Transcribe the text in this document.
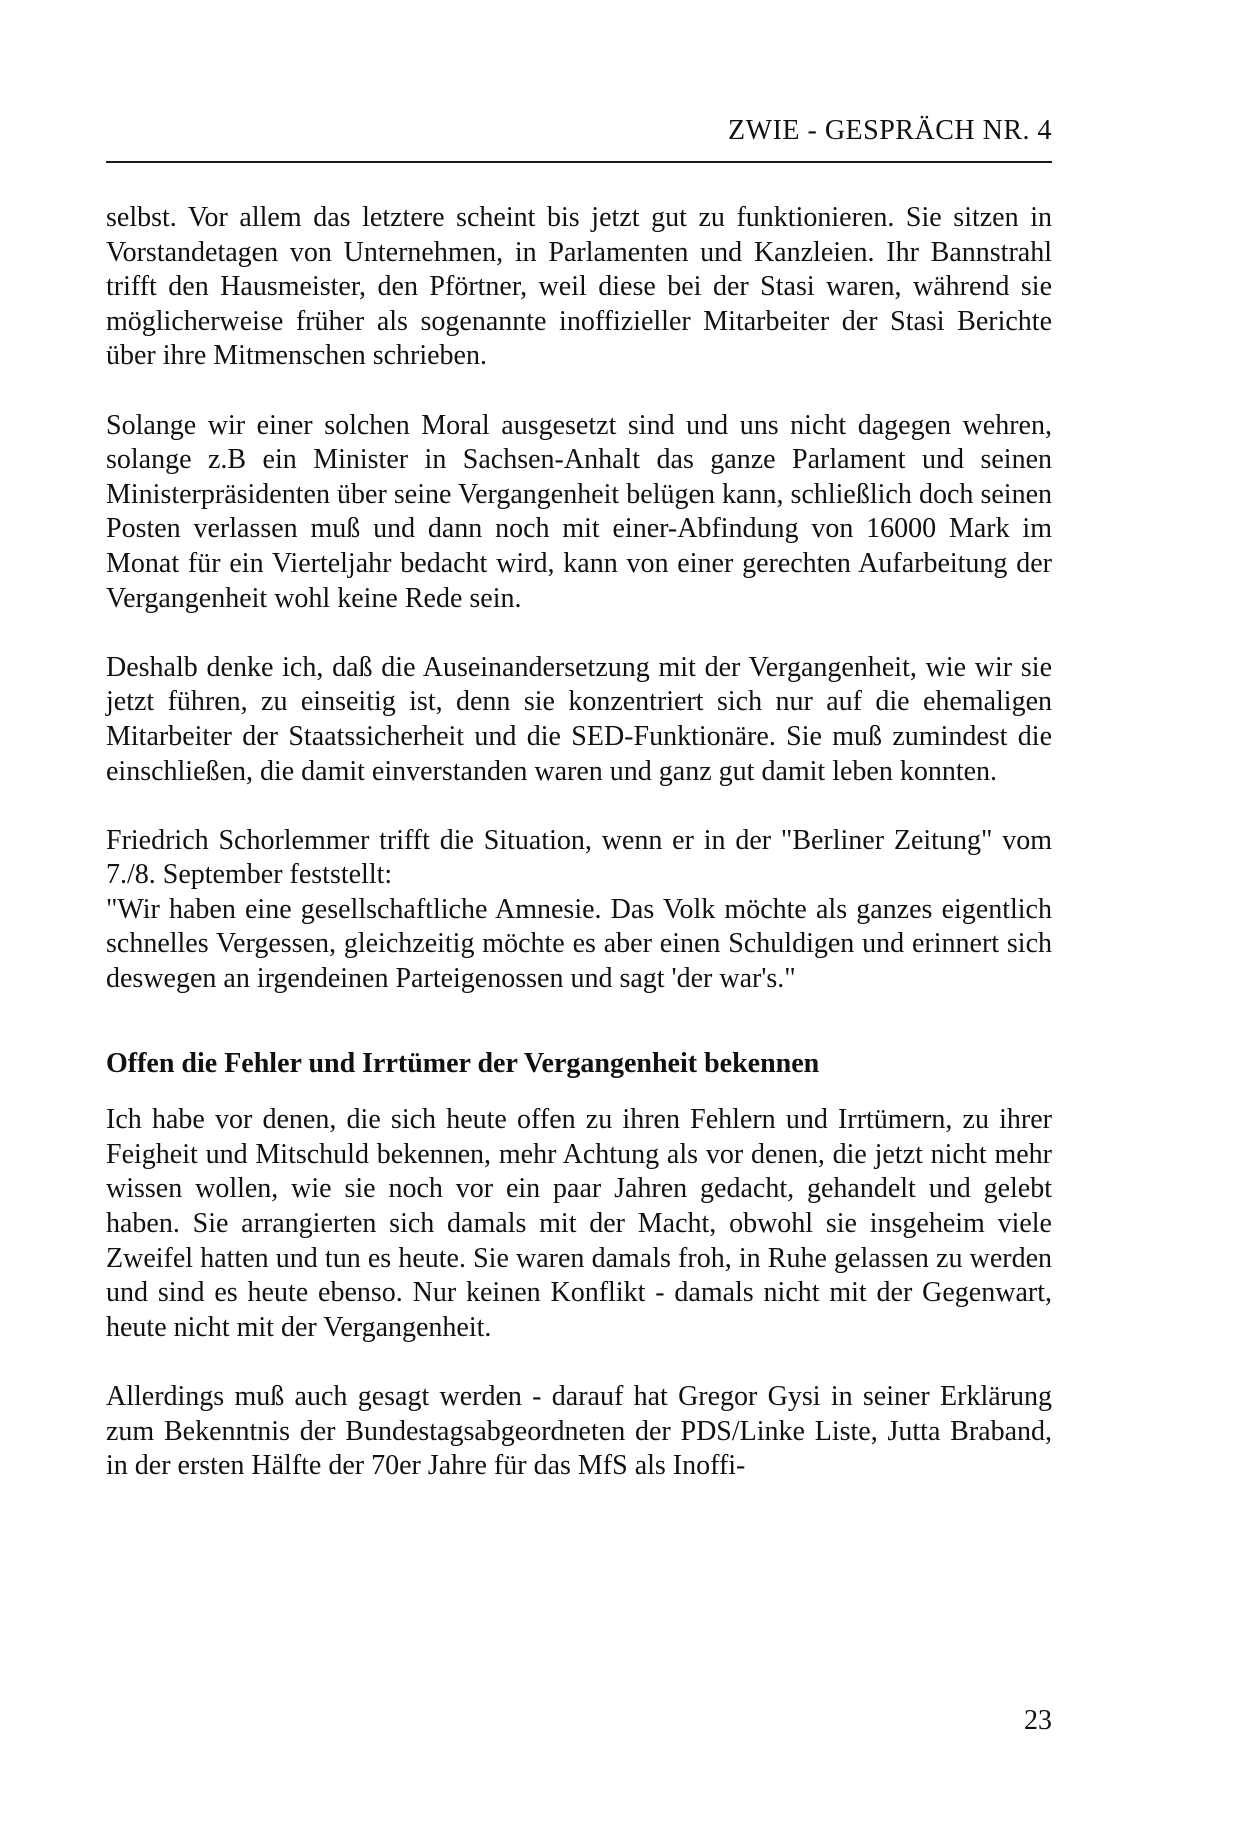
ZWIE - GESPRÄCH NR. 4

selbst. Vor allem das letztere scheint bis jetzt gut zu funktionieren. Sie sitzen in Vorstandetagen von Unternehmen, in Parlamenten und Kanzleien. Ihr Bannstrahl trifft den Hausmeister, den Pförtner, weil diese bei der Stasi waren, während sie möglicherweise früher als sogenannte inoffizieller Mitarbeiter der Stasi Berichte über ihre Mitmenschen schrieben.

Solange wir einer solchen Moral ausgesetzt sind und uns nicht dagegen wehren, solange z.B ein Minister in Sachsen-Anhalt das ganze Parlament und seinen Ministerpräsidenten über seine Vergangenheit belügen kann, schließlich doch seinen Posten verlassen muß und dann noch mit einer-Abfindung von 16000 Mark im Monat für ein Vierteljahr bedacht wird, kann von einer gerechten Aufarbeitung der Vergangenheit wohl keine Rede sein.

Deshalb denke ich, daß die Auseinandersetzung mit der Vergangenheit, wie wir sie jetzt führen, zu einseitig ist, denn sie konzentriert sich nur auf die ehemaligen Mitarbeiter der Staatssicherheit und die SED-Funktionäre. Sie muß zumindest die einschließen, die damit einverstanden waren und ganz gut damit leben konnten.

Friedrich Schorlemmer trifft die Situation, wenn er in der "Berliner Zeitung" vom 7./8. September feststellt:

"Wir haben eine gesellschaftliche Amnesie. Das Volk möchte als ganzes eigentlich schnelles Vergessen, gleichzeitig möchte es aber einen Schuldigen und erinnert sich deswegen an irgendeinen Parteigenossen und sagt 'der war's."

Offen die Fehler und Irrtümer der Vergangenheit bekennen

Ich habe vor denen, die sich heute offen zu ihren Fehlern und Irrtümern, zu ihrer Feigheit und Mitschuld bekennen, mehr Achtung als vor denen, die jetzt nicht mehr wissen wollen, wie sie noch vor ein paar Jahren gedacht, gehandelt und gelebt haben. Sie arrangierten sich damals mit der Macht, obwohl sie insgeheim viele Zweifel hatten und tun es heute. Sie waren damals froh, in Ruhe gelassen zu werden und sind es heute ebenso. Nur keinen Konflikt - damals nicht mit der Gegenwart, heute nicht mit der Vergangenheit.

Allerdings muß auch gesagt werden - darauf hat Gregor Gysi in seiner Erklärung zum Bekenntnis der Bundestagsabgeordneten der PDS/Linke Liste, Jutta Braband, in der ersten Hälfte der 70er Jahre für das MfS als Inoffi-

23
